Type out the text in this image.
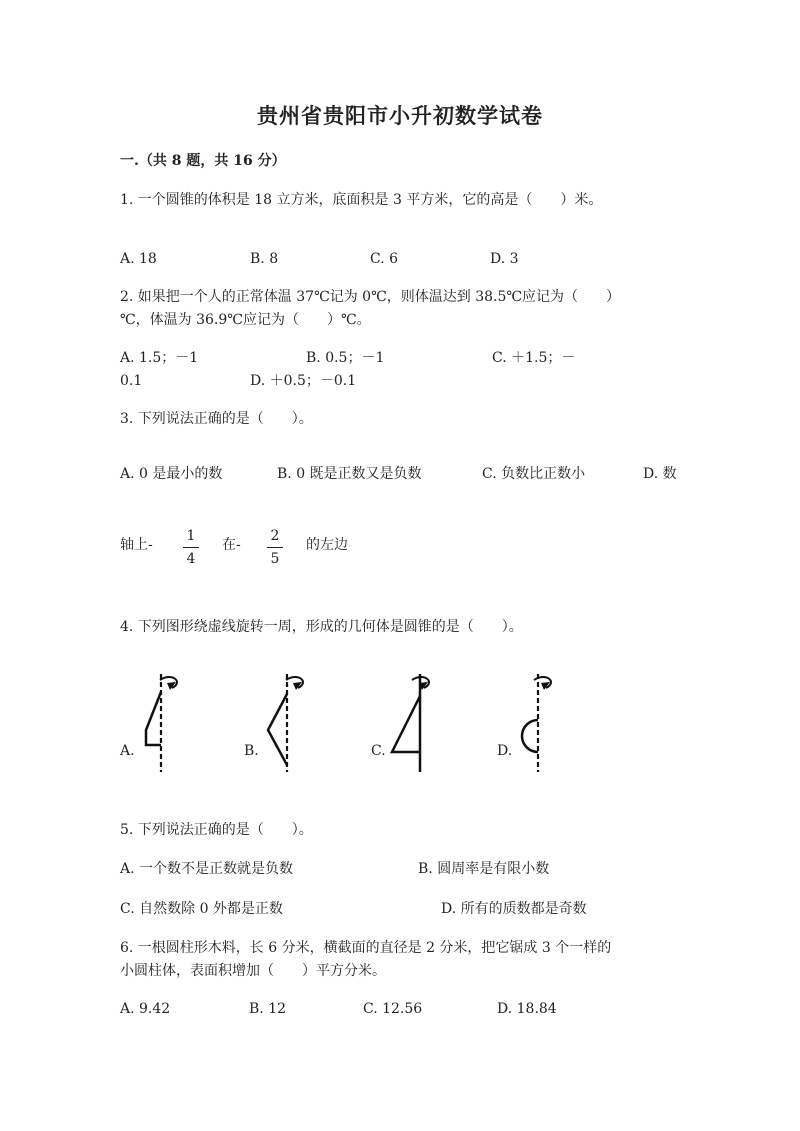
贵州省贵阳市小升初数学试卷
一.（共 8 题，共 16 分）
1. 一个圆锥的体积是 18 立方米，底面积是 3 平方米，它的高是（　　）米。
A. 18	B. 8	C. 6	D. 3
2. 如果把一个人的正常体温 37℃记为 0℃，则体温达到 38.5℃应记为（　　）
℃，体温为 36.9℃应记为（　　）℃。
A. 1.5；－1	B. 0.5；－1	C. ＋1.5；－
0.1	D. ＋0.5；－0.1
3. 下列说法正确的是（　　）。
A. 0 是最小的数	B. 0 既是正数又是负数	C. 负数比正数小	D. 数
轴上-
1
4
在-
2
5
的左边
4. 下列图形绕虚线旋转一周，形成的几何体是圆锥的是（　　）。
A.	B.	C.	D.
5. 下列说法正确的是（　　）。
A. 一个数不是正数就是负数	B. 圆周率是有限小数
C. 自然数除 0 外都是正数	D. 所有的质数都是奇数
6. 一根圆柱形木料，长 6 分米，横截面的直径是 2 分米，把它锯成 3 个一样的
小圆柱体，表面积增加（　　）平方分米。
A. 9.42	B. 12	C. 12.56	D. 18.84
